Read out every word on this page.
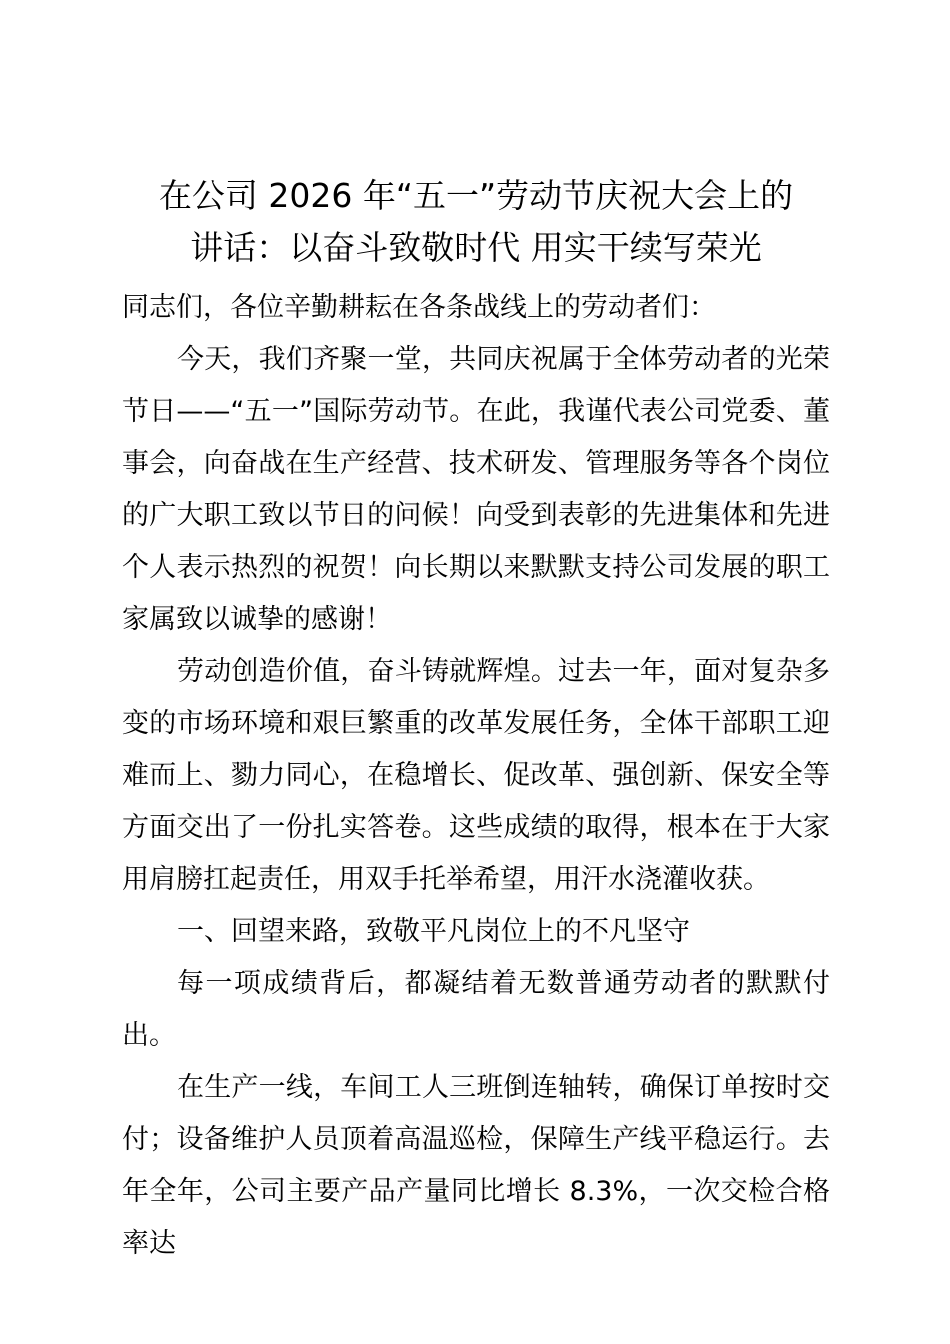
在公司 2026 年“五一”劳动节庆祝大会上的
讲话：以奋斗致敬时代 用实干续写荣光

同志们，各位辛勤耕耘在各条战线上的劳动者们：

今天，我们齐聚一堂，共同庆祝属于全体劳动者的光荣节日——“五一”国际劳动节。在此，我谨代表公司党委、董事会，向奋战在生产经营、技术研发、管理服务等各个岗位的广大职工致以节日的问候！向受到表彰的先进集体和先进个人表示热烈的祝贺！向长期以来默默支持公司发展的职工家属致以诚挚的感谢！

劳动创造价值，奋斗铸就辉煌。过去一年，面对复杂多变的市场环境和艰巨繁重的改革发展任务，全体干部职工迎难而上、勠力同心，在稳增长、促改革、强创新、保安全等方面交出了一份扎实答卷。这些成绩的取得，根本在于大家用肩膀扛起责任，用双手托举希望，用汗水浇灌收获。

一、回望来路，致敬平凡岗位上的不凡坚守

每一项成绩背后，都凝结着无数普通劳动者的默默付出。

在生产一线，车间工人三班倒连轴转，确保订单按时交付；设备维护人员顶着高温巡检，保障生产线平稳运行。去年全年，公司主要产品产量同比增长 8.3%，一次交检合格率达
